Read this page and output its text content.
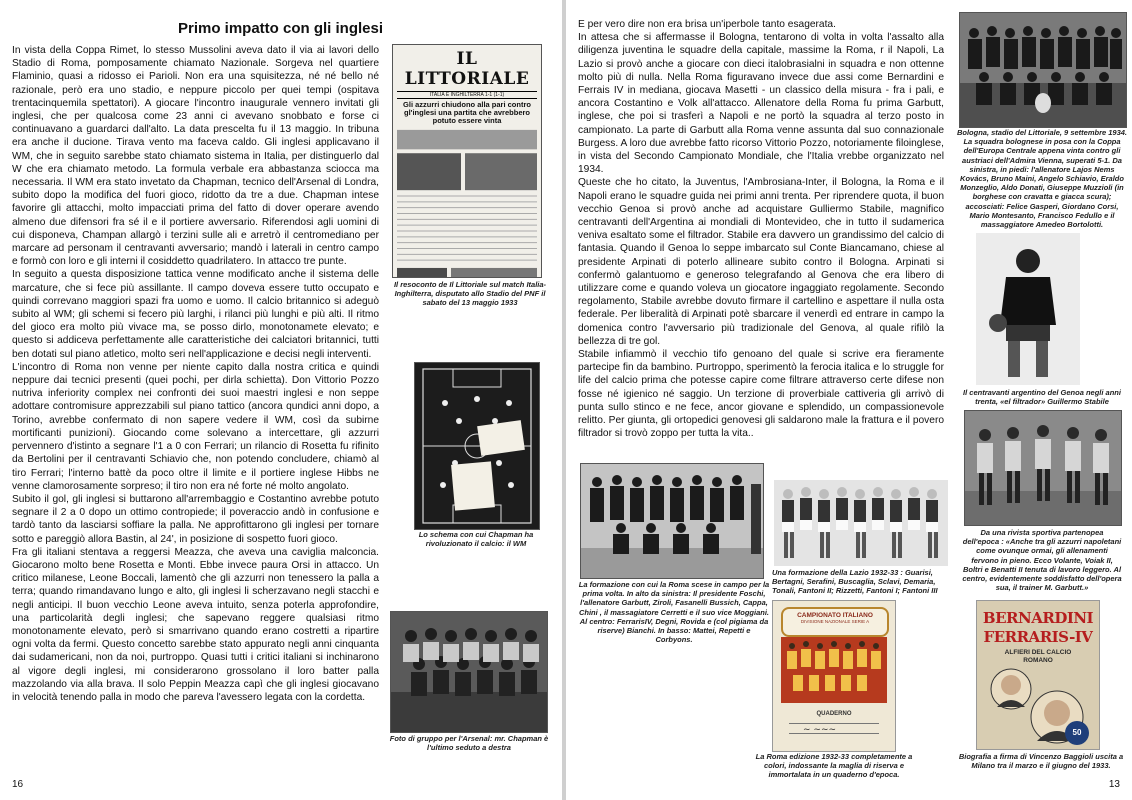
Primo impatto con gli inglesi

In vista della Coppa Rimet, lo stesso Mussolini aveva dato il via ai lavori dello Stadio di Roma, pomposamente chiamato Nazionale. Sorgeva nel quartiere Flaminio, quasi a ridosso ei Parioli. Non era una squisitezza, né né bello né razionale, però era uno stadio, e neppure piccolo per quei tempi (ospitava trentacinquemila spettatori). A giocare l'incontro inaugurale vennero invitati gli inglesi, che per qualcosa come 23 anni ci avevano snobbato e forse ci continuavano a guardarci dall'alto. La data prescelta fu il 13 maggio. In tribuna era anche il ducione. Tirava vento ma faceva caldo. Gli inglesi applicavano il WM, che in seguito sarebbe stato chiamato sistema in Italia, per distinguerlo dal W che era chiamato metodo. La formula verbale era abbastanza sciocca ma necessaria. Il WM era stato invetato da Chapman, tecnico dell'Arsenal di Londra, subito dopo la modifica del fuori gioco, ridotto da tre a due. Chapman intese favorire gli attacchi, molto impacciati prima del fatto di dover operare avendo almeno due difensori fra sé il e il portiere avversario. Riferendosi agli uomini di cui disponeva, Champan allargò i terzini sulle ali e arretrò il centromediano per marcare ad personam il centravanti avversario; mandò i laterali in centro campo e formò con loro e gli interni il cosiddetto quadrilatero. In attacco tre punte.

In seguito a questa disposizione tattica venne modificato anche il sistema delle marcature, che si fece più assillante. Il campo doveva essere tutto occupato e quindi correvano maggiori spazi fra uomo e uomo. Il calcio britannico si adeguò subito al WM; gli schemi si fecero più larghi, i rilanci più lunghi e più alti. Il ritmo del gioco era molto più vivace ma, se posso dirlo, monotonamete elevato; e questo si addiceva perfettamente alle caratteristiche dei calciatori britannici, tutti ben dotati sul piano atletico, molto seri nell'applicazione e decisi negli interventi.

L'incontro di Roma non venne per niente capito dalla nostra critica e quindi neppure dai tecnici presenti (quei pochi, per dirla schietta). Don Vittorio Pozzo nutriva inferiority complex nei confronti dei suoi maestri inglesi e non seppe adottare contromisure apprezzabili sul piano tattico (ancora qundici anni dopo, a Torino, avrebbe confermato di non sapere vedere il WM, così da subirne mortificanti punizioni). Giocando come solevano a intercettare, gli azzurri pervennero d'istinto a segnare l'1 a 0 con Ferrari; un rilancio di Rosetta fu rifinito da Bertolini per il centravanti Schiavio che, non potendo concludere, chiamò al tiro Ferrari; l'interno battè da poco oltre il limite e il portiere inglese Hibbs ne venne clamorosamente sorpreso; il tiro non era né forte né molto angolato.

Subito il gol, gli inglesi si buttarono all'arrembaggio e Costantino avrebbe potuto segnare il 2 a 0 dopo un ottimo contropiede; il poveraccio andò in confusione e tardò tanto da lasciarsi soffiare la palla. Ne approfittarono gli inglesi per tornare sotto e pareggiò allora Bastin, al 24', in posizione di sospetto fuori gioco.

Fra gli italiani stentava a reggersi Meazza, che aveva una caviglia malconcia. Giocarono molto bene Rosetta e Monti. Ebbe invece paura Orsi in attacco. Un critico milanese, Leone Boccali, lamentò che gli azzurri non tenessero la palla a terra; quando rimandavano lungo e alto, gli inglesi li scherzavano negli stacchi e negli anticipi. Il buon vecchio Leone aveva intuito, senza poterla approfondire, una particolarità degli inglesi; che sapevano reggere qualsiasi ritmo monotonamente elevato, però si smarrivano quando erano costretti a ripartire ogni volta da fermi. Questo concetto sarebbe stato appurato negli anni cinquanta dai sudamericani, non da noi, purtroppo. Quasi tutti i critici italiani si inchinarono al vigore degli inglesi, mi consideraronо grossolano il loro batter palla mazzolando via alla brava. Il solo Peppin Meazza capì che gli inglesi giocavano in velocità tenendo palla in modo che pareva l'avessero legata con la cordetta.

IL LITTORIALE
ITALIA E INGHILTERRA 1-1 (1-1)
Gli azzurri chiudono alla pari contro gl'inglesi una partita che avrebbero potuto essere vinta
Il resoconto de Il Littoriale sul match Italia-Inghilterra, disputato allo Stadio del PNF il sabato del 13 maggio 1933
Lo schema con cui Chapman ha rivoluzionato il calcio: il WM
Foto di gruppo per l'Arsenal: mr. Chapman è l'ultimo seduto a destra
16

E per vero dire non era brisa un'iperbole tanto esagerata.

In attesa che si affermasse il Bologna, tentarono di volta in volta l'assalto alla diligenza juventina le squadre della capitale, massime la Roma, r il Napoli, La Lazio si provò anche a giocare con dieci italobrasialni in squadra e non ottenne molto più di nulla. Nella Roma figuravano invece due assi come Bernardini e Ferrais IV in mediana, giocava Masetti - un classico della misura - fra i pali, e ancora Costantino e Volk all'attacco. Allenatore della Roma fu prima Garbutt, inglese, che poi si trasferì a Napoli e ne portò la squadra al terzo posto in campionato. La parte di Garbutt alla Roma venne assunta dal suo connazionale Burgess. A loro due avrebbe fatto ricorso Vittorio Pozzo, notoriamente filoinglese, in vista del Secondo Campionato Mondiale, che l'Italia vrebbe organizzato nel 1934.

Queste che ho citato, la Juventus, l'Ambrosiana-Inter, il Bologna, la Roma e il Napoli erano le squadre guida nei primi anni trenta. Per riprendere quota, il buon vecchio Genoa si provò anche ad acquistare Gulliermo Stabile, magnifico centravanti dell'Argentina ai mondiali di Montevideo, che in tutto il sudamerica veniva esaltato some el filtrador. Stabile era davvero un grandissimo del calcio di fantasia. Quando il Genoa lo seppe imbarcato sul Conte Biancamano, chiese al presidente Arpinati di poterlo allineare subito contro il Bologna. Arpinati si confermò galantuomo e generoso telegrafando al Genova che era libero di utilizzare come e quando voleva un giocatore ingaggiato regolamente. Secondo regolamento, Stabile avrebbe dovuto firmare il cartellino e aspettare il nulla osta federale. Per liberalità di Arpinati potè sbarcare il venerdì ed entrare in campo la domenica contro l'avversario più tradizionale del Genova, al quale rifilò la bellezza di tre gol.

Stabile infiammò il vecchio tifo genoano del quale si scrive era fieramente partecipe fin da bambino. Purtroppo, sperimentò la ferocia italica e lo struggle for life del calcio prima che potesse capire come filtrare attraverso certe difese non fosse né igienico né saggio. Un terzione di proverbiale cattiveria gli arrivò di punta sullo stinco e ne fece, ancor giovane e splendido, un compassionevole relitto. Per giunta, gli ortopedici genovesi gli saldarono male la frattura e il povero filtrador si trovò zoppo per tutta la vita..

Bologna, stadio del Littoriale, 9 settembre 1934. La squadra bolognese in posa con la Coppa dell'Europa Centrale appena vinta contro gli austriaci dell'Admira Vienna, superati 5-1. Da sinistra, in piedi: l'allenatore Lajos Nems Kovács, Bruno Maini, Angelo Schiavio, Eraldo Monzeglio, Aldo Donati, Giuseppe Muzzioli (in borghese con cravatta e giacca scura); accosciati: Felice Gasperi, Giordano Corsi, Mario Montesanto, Francisco Fedullo e il massaggiatore Amedeo Bortolotti.
Il centravanti argentino del Genoa negli anni trenta, «el filtrador» Guillermo Stabile
Da una rivista sportiva partenopea dell'epoca : «Anche tra gli azzurri napoletani come ovunque ormai, gli allenamenti fervono in pieno. Ecco Volante, Voiak II, Boltri e Benatti II tenuta di lavoro leggero. Al centro, evidentemente soddisfatto dell'opera sua, il trainer M. Garbutt.»
La formazione con cui la Roma scese in campo per la prima volta. In alto da sinistra: Il presidente Foschi, l'allenatore Garbutt, Ziroli, Fasanelli Bussich, Cappa, Chini , il massagiatore Cerretti e il suo vice Moggiani. Al centro: FerrarisIV, Degni, Rovida e (col pigiama da riserve) Bianchi. In basso: Mattei, Repetti e Corbyons.
Una formazione della Lazio 1932-33 : Guarisi, Bertagni, Serafini, Buscaglia, Sclavi, Demaria, Tonali, Fantoni II; Rizzetti, Fantoni I; Fantoni III
CAMPIONATO ITALIANO
DIVISIONE NAZIONALE SERIE A
QUADERNO
~ ~~~
La Roma edizione 1932-33 completamente a colori, indossante la maglia di riserva e immortalata in un quaderno d'epoca.
BERNARDINI
FERRARIS-IV
ALFIERI DEL CALCIO ROMANO
50
Biografia a firma di Vincenzo Baggioli uscita a Milano tra il marzo e il giugno del 1933.
13
